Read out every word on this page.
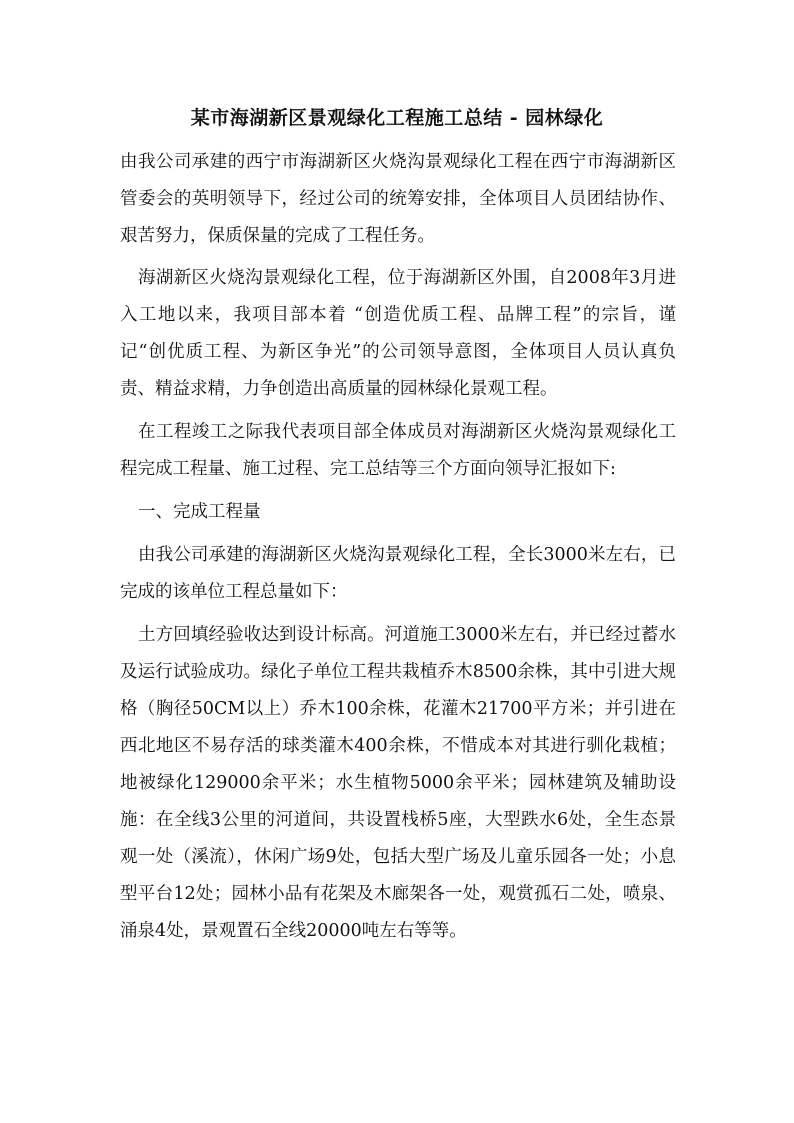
某市海湖新区景观绿化工程施工总结 - 园林绿化

由我公司承建的西宁市海湖新区火烧沟景观绿化工程在西宁市海湖新区管委会的英明领导下，经过公司的统筹安排，全体项目人员团结协作、艰苦努力，保质保量的完成了工程任务。

海湖新区火烧沟景观绿化工程，位于海湖新区外围，自2008年3月进入工地以来，我项目部本着 “创造优质工程、品牌工程”的宗旨，谨记“创优质工程、为新区争光”的公司领导意图，全体项目人员认真负责、精益求精，力争创造出高质量的园林绿化景观工程。

在工程竣工之际我代表项目部全体成员对海湖新区火烧沟景观绿化工程完成工程量、施工过程、完工总结等三个方面向领导汇报如下:

一、完成工程量

由我公司承建的海湖新区火烧沟景观绿化工程，全长3000米左右，已完成的该单位工程总量如下：

土方回填经验收达到设计标高。河道施工3000米左右，并已经过蓄水及运行试验成功。绿化子单位工程共栽植乔木8500余株，其中引进大规格（胸径50CM以上）乔木100余株，花灌木21700平方米；并引进在西北地区不易存活的球类灌木400余株，不惜成本对其进行驯化栽植；地被绿化129000余平米；水生植物5000余平米；园林建筑及辅助设施：在全线3公里的河道间，共设置栈桥5座，大型跌水6处，全生态景观一处（溪流），休闲广场9处，包括大型广场及儿童乐园各一处；小息型平台12处；园林小品有花架及木廊架各一处，观赏孤石二处，喷泉、涌泉4处，景观置石全线20000吨左右等等。
